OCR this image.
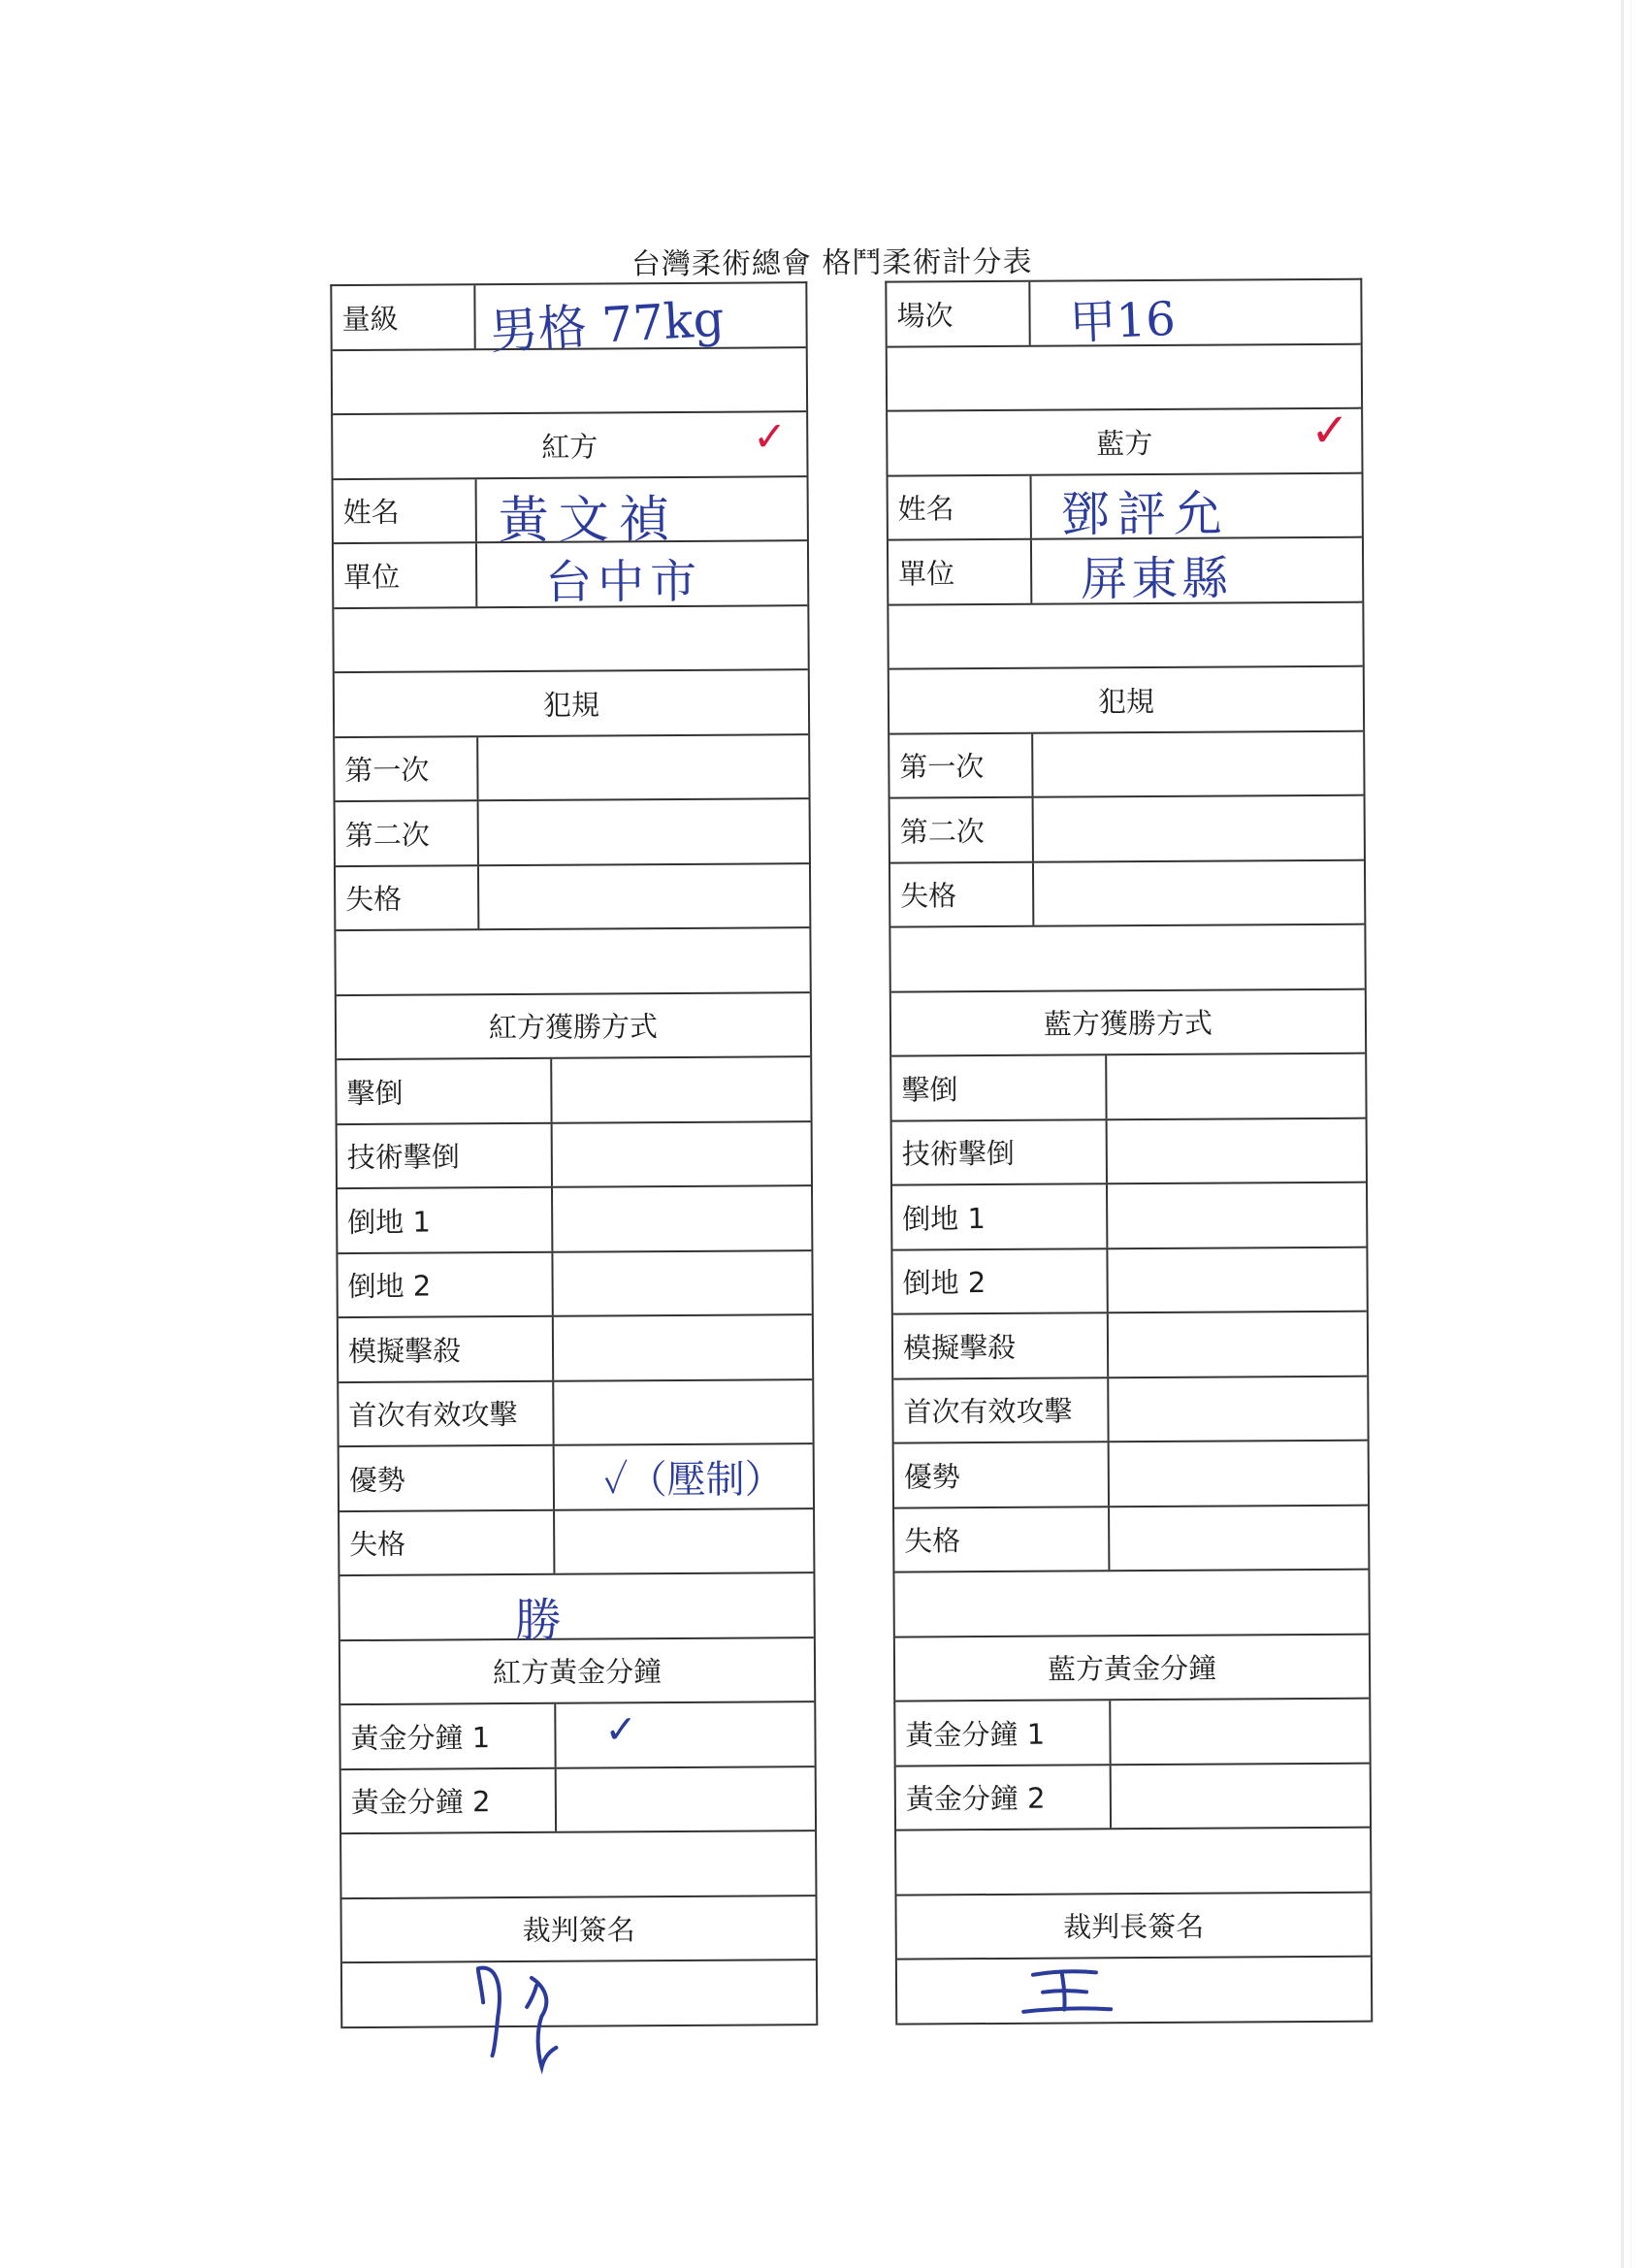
台灣柔術總會 格鬥柔術計分表
量級	男格 77kg
紅方	✓
姓名	黃文禎
單位	台中市
犯規
第一次
第二次
失格
紅方獲勝方式
擊倒
技術擊倒
倒地 1
倒地 2
模擬擊殺
首次有效攻擊
優勢	✓（壓制）
失格
勝
紅方黃金分鐘
黃金分鐘 1	✓
黃金分鐘 2
裁判簽名
場次	甲16
藍方	✓
姓名	鄧評允
單位	屏東縣
犯規
第一次
第二次
失格
藍方獲勝方式
擊倒
技術擊倒
倒地 1
倒地 2
模擬擊殺
首次有效攻擊
優勢
失格
藍方黃金分鐘
黃金分鐘 1
黃金分鐘 2
裁判長簽名
